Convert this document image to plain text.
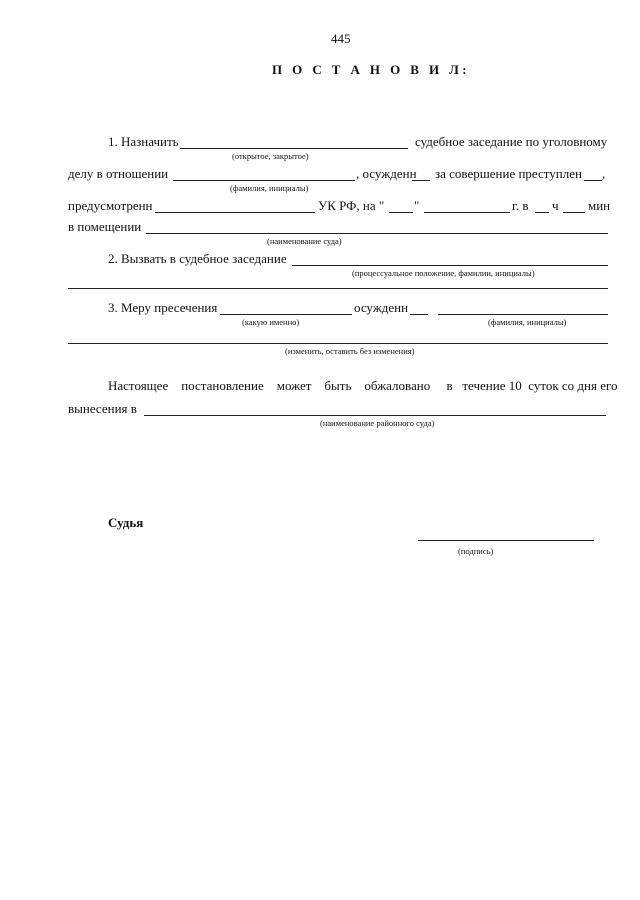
445
П О С Т А Н О В И Л:
1. Назначить	судебное заседание по уголовному
(открытое, закрытое)
делу в отношении	, осужденн за совершение преступлен ,
(фамилия, инициалы)
предусмотренн	УК РФ, на " "	г. в ч мин
в помещении
(наименование суда)
2. Вызвать в судебное заседание
(процессуальное положение, фамилии, инициалы)
3. Меру пресечения	осужденн
(какую именно)	(фамилия, инициалы)
(изменить, оставить без изменения)
Настоящее    постановление    может    быть    обжаловано     в   течение 10  суток со дня его
вынесения в
(наименование районного суда)
Судья
(подпись)
